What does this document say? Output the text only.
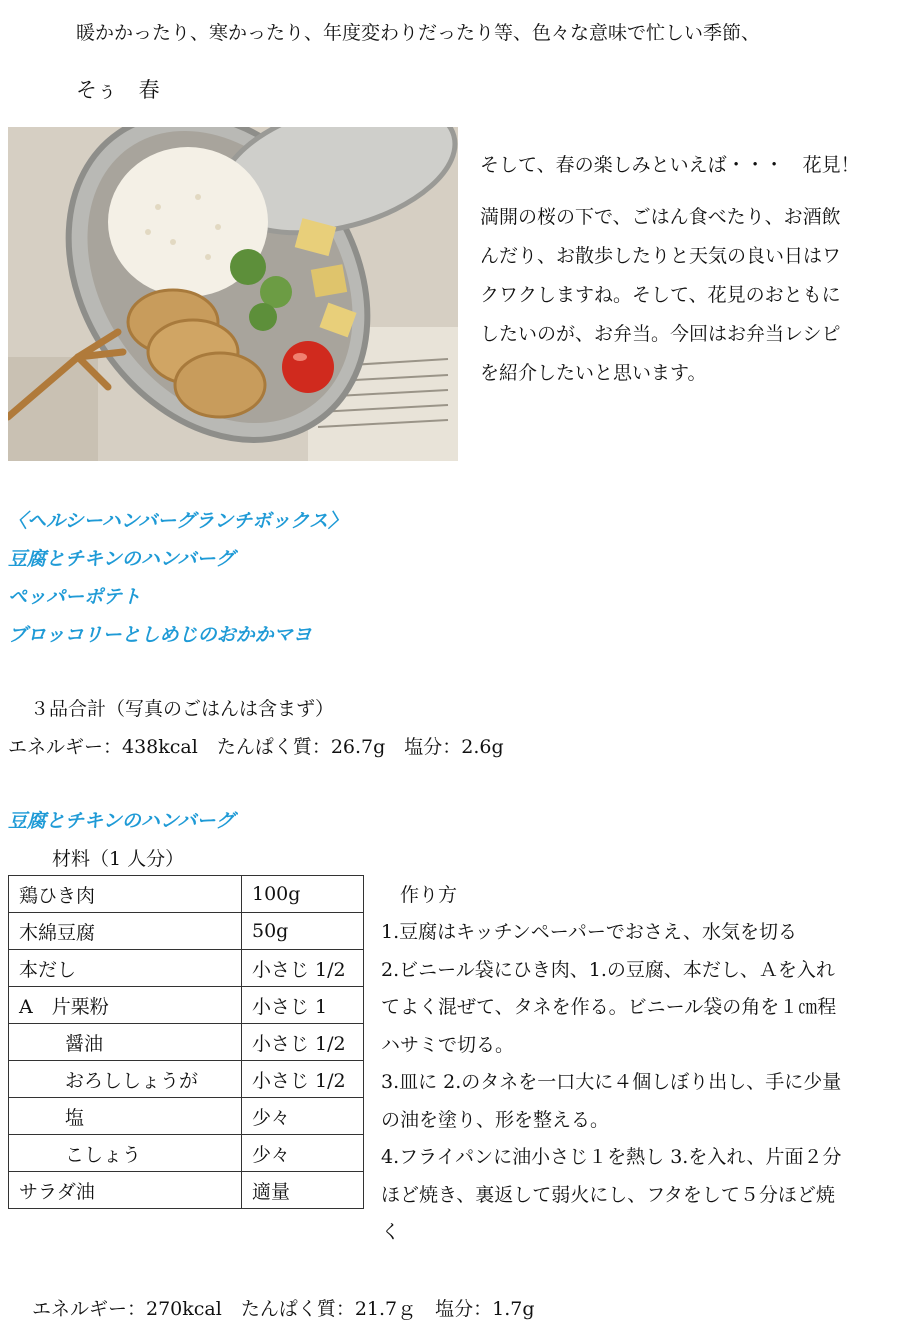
暖かかったり、寒かったり、年度変わりだったり等、色々な意味で忙しい季節、
そぅ　春
そして、春の楽しみといえば・・・　花見！
満開の桜の下で、ごはん食べたり、お酒飲
んだり、お散歩したりと天気の良い日はワ
クワクしますね。そして、花見のおともに
したいのが、お弁当。今回はお弁当レシピ
を紹介したいと思います。
〈ヘルシーハンバーグランチボックス〉
豆腐とチキンのハンバーグ
ペッパーポテト
ブロッコリーとしめじのおかかマヨ
３品合計（写真のごはんは含まず）
エネルギー：438kcal　たんぱく質：26.7g　塩分：2.6g
豆腐とチキンのハンバーグ
材料（1 人分）
鶏ひき肉	100g
木綿豆腐	50g
本だし	小さじ 1/2
A　片栗粉	小さじ 1
醤油	小さじ 1/2
おろししょうが	小さじ 1/2
塩	少々
こしょう	少々
サラダ油	適量
作り方
1.豆腐はキッチンペーパーでおさえ、水気を切る
2.ビニール袋にひき肉、1.の豆腐、本だし、Ａを入れ
てよく混ぜて、タネを作る。ビニール袋の角を１㎝程
ハサミで切る。
3.皿に 2.のタネを一口大に４個しぼり出し、手に少量
の油を塗り、形を整える。
4.フライパンに油小さじ１を熱し 3.を入れ、片面２分
ほど焼き、裏返して弱火にし、フタをして５分ほど焼
く
エネルギー：270kcal　たんぱく質：21.7ｇ　塩分：1.7g
